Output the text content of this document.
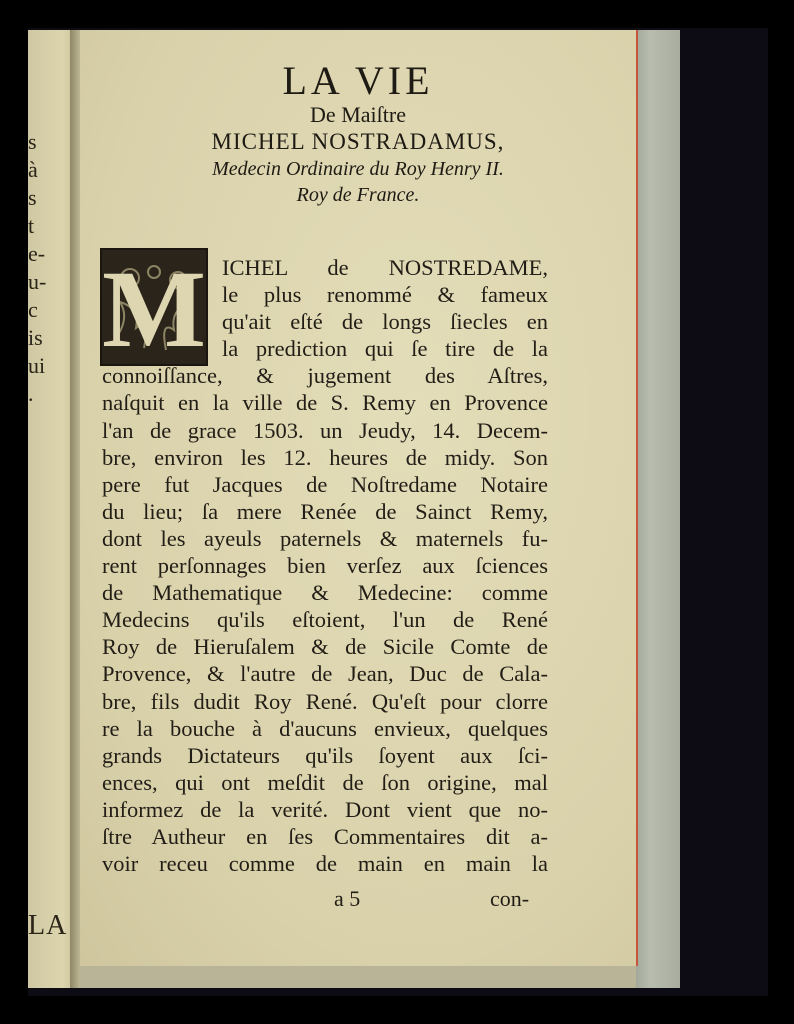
s
à
s
t
e-
u-
c
is
ui
.
LA
LA VIE
De Maiſtre
MICHEL NOSTRADAMUS,
Medecin Ordinaire du Roy Henry II.
Roy de France.
M ICHEL de NOSTREDAME,
le plus renommé & fameux
qu'ait eſté de longs ſiecles en
la prediction qui ſe tire de la
connoiſſance, & jugement des Aſtres,
naſquit en la ville de S. Remy en Provence
l'an de grace 1503. un Jeudy, 14. Decem-
bre, environ les 12. heures de midy. Son
pere fut Jacques de Noſtredame Notaire
du lieu; ſa mere Renée de Sainct Remy,
dont les ayeuls paternels & maternels fu-
rent perſonnages bien verſez aux ſciences
de Mathematique & Medecine: comme
Medecins qu'ils eſtoient, l'un de René
Roy de Hieruſalem & de Sicile Comte de
Provence, & l'autre de Jean, Duc de Cala-
bre, fils dudit Roy René. Qu'eſt pour clorre
re la bouche à d'aucuns envieux, quelques
grands Dictateurs qu'ils ſoyent aux ſci-
ences, qui ont meſdit de ſon origine, mal
informez de la verité. Dont vient que no-
ſtre Autheur en ſes Commentaires dit a-
voir receu comme de main en main la
a 5	con-
